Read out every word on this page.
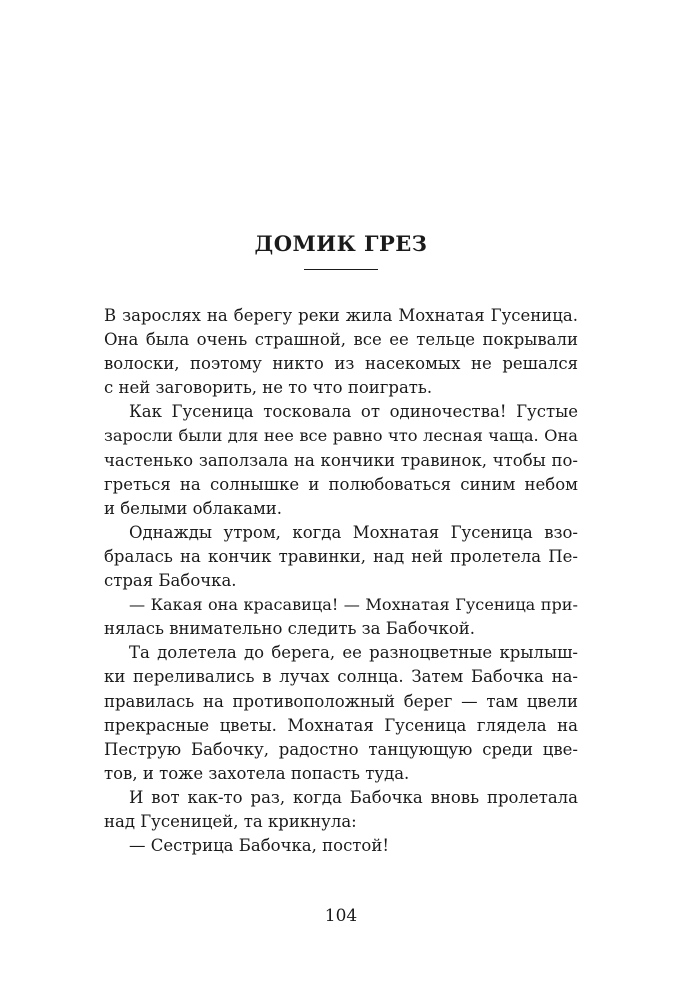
ДОМИК ГРЕЗ
В зарослях на берегу реки жила Мохнатая Гусеница.
Она была очень страшной, все ее тельце покрывали
волоски, поэтому никто из насекомых не решался
с ней заговорить, не то что поиграть.
Как Гусеница тосковала от одиночества! Густые
заросли были для нее все равно что лесная чаща. Она
частенько заползала на кончики травинок, чтобы по-
греться на солнышке и полюбоваться синим небом
и белыми облаками.
Однажды утром, когда Мохнатая Гусеница взо-
бралась на кончик травинки, над ней пролетела Пе-
страя Бабочка.
— Какая она красавица! — Мохнатая Гусеница при-
нялась внимательно следить за Бабочкой.
Та долетела до берега, ее разноцветные крылыш-
ки переливались в лучах солнца. Затем Бабочка на-
правилась на противоположный берег — там цвели
прекрасные цветы. Мохнатая Гусеница глядела на
Пеструю Бабочку, радостно танцующую среди цве-
тов, и тоже захотела попасть туда.
И вот как-то раз, когда Бабочка вновь пролетала
над Гусеницей, та крикнула:
— Сестрица Бабочка, постой!
104
